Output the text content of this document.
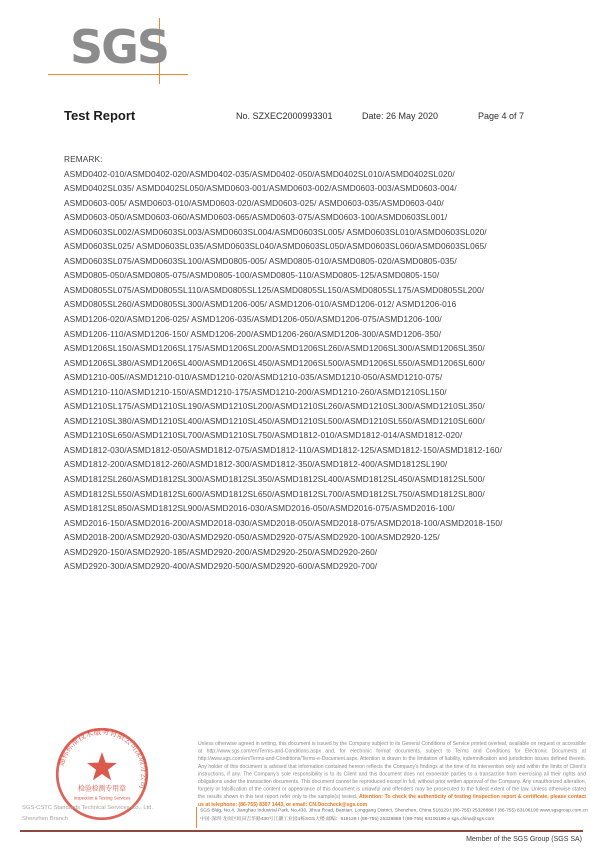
SGS
Test Report	No. SZXEC2000993301	Date: 26 May 2020	Page 4 of 7
REMARK:
ASMD0402-010/ASMD0402-020/ASMD0402-035/ASMD0402-050/ASMD0402SL010/ASMD0402SL020/
ASMD0402SL035/ ASMD0402SL050/ASMD0603-001/ASMD0603-002/ASMD0603-003/ASMD0603-004/
ASMD0603-005/ ASMD0603-010/ASMD0603-020/ASMD0603-025/ ASMD0603-035/ASMD0603-040/
ASMD0603-050/ASMD0603-060/ASMD0603-065/ASMD0603-075/ASMD0603-100/ASMD0603SL001/
ASMD0603SL002/ASMD0603SL003/ASMD0603SL004/ASMD0603SL005/ ASMD0603SL010/ASMD0603SL020/
ASMD0603SL025/ ASMD0603SL035/ASMD0603SL040/ASMD0603SL050/ASMD0603SL060/ASMD0603SL065/
ASMD0603SL075/ASMD0603SL100/ASMD0805-005/ ASMD0805-010/ASMD0805-020/ASMD0805-035/
ASMD0805-050/ASMD0805-075/ASMD0805-100/ASMD0805-110/ASMD0805-125/ASMD0805-150/
ASMD0805SL075/ASMD0805SL110/ASMD0805SL125/ASMD0805SL150/ASMD0805SL175/ASMD0805SL200/
ASMD0805SL260/ASMD0805SL300/ASMD1206-005/ ASMD1206-010/ASMD1206-012/ ASMD1206-016
ASMD1206-020/ASMD1206-025/ ASMD1206-035/ASMD1206-050/ASMD1206-075/ASMD1206-100/
ASMD1206-110/ASMD1206-150/ ASMD1206-200/ASMD1206-260/ASMD1206-300/ASMD1206-350/
ASMD1206SL150/ASMD1206SL175/ASMD1206SL200/ASMD1206SL260/ASMD1206SL300/ASMD1206SL350/
ASMD1206SL380/ASMD1206SL400/ASMD1206SL450/ASMD1206SL500/ASMD1206SL550/ASMD1206SL600/
ASMD1210-005//ASMD1210-010/ASMD1210-020/ASMD1210-035/ASMD1210-050/ASMD1210-075/
ASMD1210-110/ASMD1210-150/ASMD1210-175/ASMD1210-200/ASMD1210-260/ASMD1210SL150/
ASMD1210SL175/ASMD1210SL190/ASMD1210SL200/ASMD1210SL260/ASMD1210SL300/ASMD1210SL350/
ASMD1210SL380/ASMD1210SL400/ASMD1210SL450/ASMD1210SL500/ASMD1210SL550/ASMD1210SL600/
ASMD1210SL650/ASMD1210SL700/ASMD1210SL750/ASMD1812-010/ASMD1812-014/ASMD1812-020/
ASMD1812-030/ASMD1812-050/ASMD1812-075/ASMD1812-110/ASMD1812-125/ASMD1812-150/ASMD1812-160/
ASMD1812-200/ASMD1812-260/ASMD1812-300/ASMD1812-350/ASMD1812-400/ASMD1812SL190/
ASMD1812SL260/ASMD1812SL300/ASMD1812SL350/ASMD1812SL400/ASMD1812SL450/ASMD1812SL500/
ASMD1812SL550/ASMD1812SL600/ASMD1812SL650/ASMD1812SL700/ASMD1812SL750/ASMD1812SL800/
ASMD1812SL850/ASMD1812SL900/ASMD2016-030/ASMD2016-050/ASMD2016-075/ASMD2016-100/
ASMD2016-150/ASMD2016-200/ASMD2018-030/ASMD2018-050/ASMD2018-075/ASMD2018-100/ASMD2018-150/
ASMD2018-200/ASMD2920-030/ASMD2920-050/ASMD2920-075/ASMD2920-100/ASMD2920-125/
ASMD2920-150/ASMD2920-185/ASMD2920-200/ASMD2920-250/ASMD2920-260/
ASMD2920-300/ASMD2920-400/ASMD2920-500/ASMD2920-600/ASMD2920-700/
通标标准技术服务有限公司深圳分公司
检验检测专用章
Inspection & Testing Services
SGS-CSTC Standards Technical Services Co., Ltd.
Shenzhen Branch
Unless otherwise agreed in writing, this document is issued by the Company subject to its General Conditions of Service printed overleaf, available on request or accessible at http://www.sgs.com/en/Terms-and-Conditions.aspx and, for electronic format documents, subject to Terms and Conditions for Electronic Documents at http://www.sgs.com/en/Terms-and-Conditions/Terms-e-Document.aspx. Attention is drawn to the limitation of liability, indemnification and jurisdiction issues defined therein. Any holder of this document is advised that information contained hereon reflects the Company's findings at the time of its intervention only and within the limits of Client's instructions, if any. The Company's sole responsibility is to its Client and this document does not exonerate parties to a transaction from exercising all their rights and obligations under the transaction documents. This document cannot be reproduced except in full, without prior written approval of the Company. Any unauthorized alteration, forgery or falsification of the content or appearance of this document is unlawful and offenders may be prosecuted to the fullest extent of the law. Unless otherwise stated the results shown in this test report refer only to the sample(s) tested. Attention: To check the authenticity of testing /inspection report & certificate, please contact us at telephone: (86-755) 8307 1443, or email: CN.Doccheck@sgs.com
SGS Bldg, No.4, Jianghao Industrial Park, No.430, Jihua Road, Bantian, Longgang District, Shenzhen, China 518129 t (86-755) 25328888 f (86-755) 83106190 www.sgsgroup.com.cn
中国·深圳·龙岗区坂田吉华路430号江灏工业园4栋SGS大楼 邮编：518129 t (86-755) 25328888 f (86-755) 83106190 e sgs.china@sgs.com
Member of the SGS Group (SGS SA)
